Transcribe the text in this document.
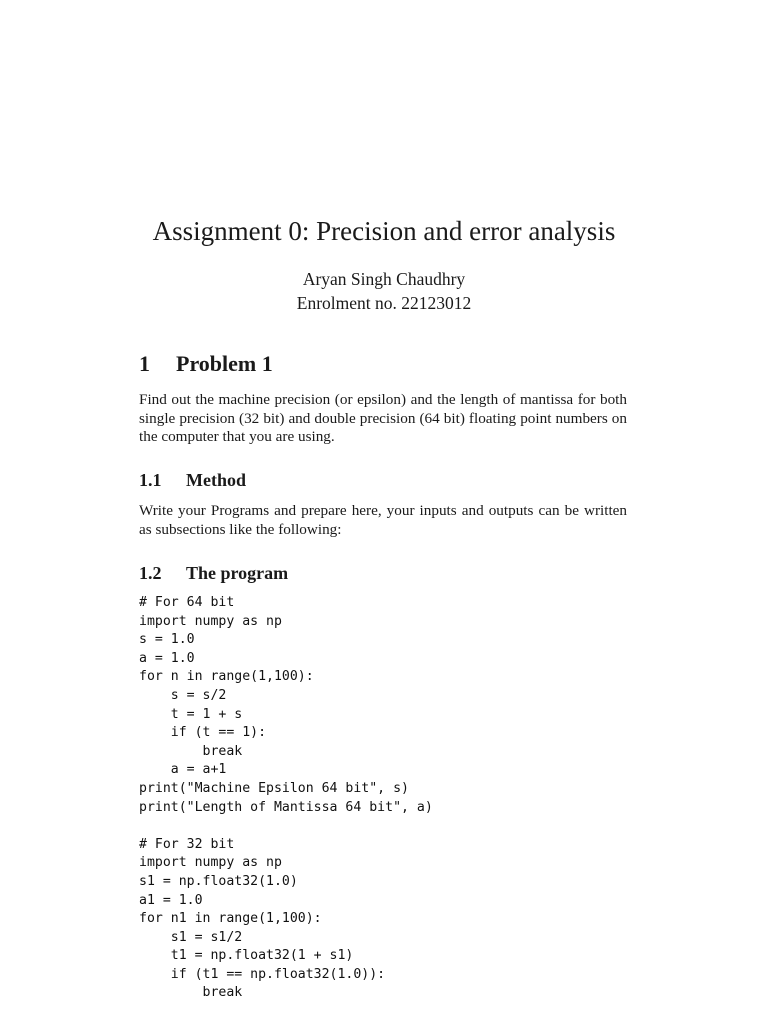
Assignment 0: Precision and error analysis
Aryan Singh Chaudhry
Enrolment no. 22123012
1 Problem 1
Find out the machine precision (or epsilon) and the length of mantissa for both single precision (32 bit) and double precision (64 bit) floating point numbers on the computer that you are using.
1.1 Method
Write your Programs and prepare here, your inputs and outputs can be written as subsections like the following:
1.2 The program
# For 64 bit
import numpy as np
s = 1.0
a = 1.0
for n in range(1,100):
s = s/2
t = 1 + s
if (t == 1):
break
a = a+1
print("Machine Epsilon 64 bit", s)
print("Length of Mantissa 64 bit", a)
# For 32 bit
import numpy as np
s1 = np.float32(1.0)
a1 = 1.0
for n1 in range(1,100):
s1 = s1/2
t1 = np.float32(1 + s1)
if (t1 == np.float32(1.0)):
break
